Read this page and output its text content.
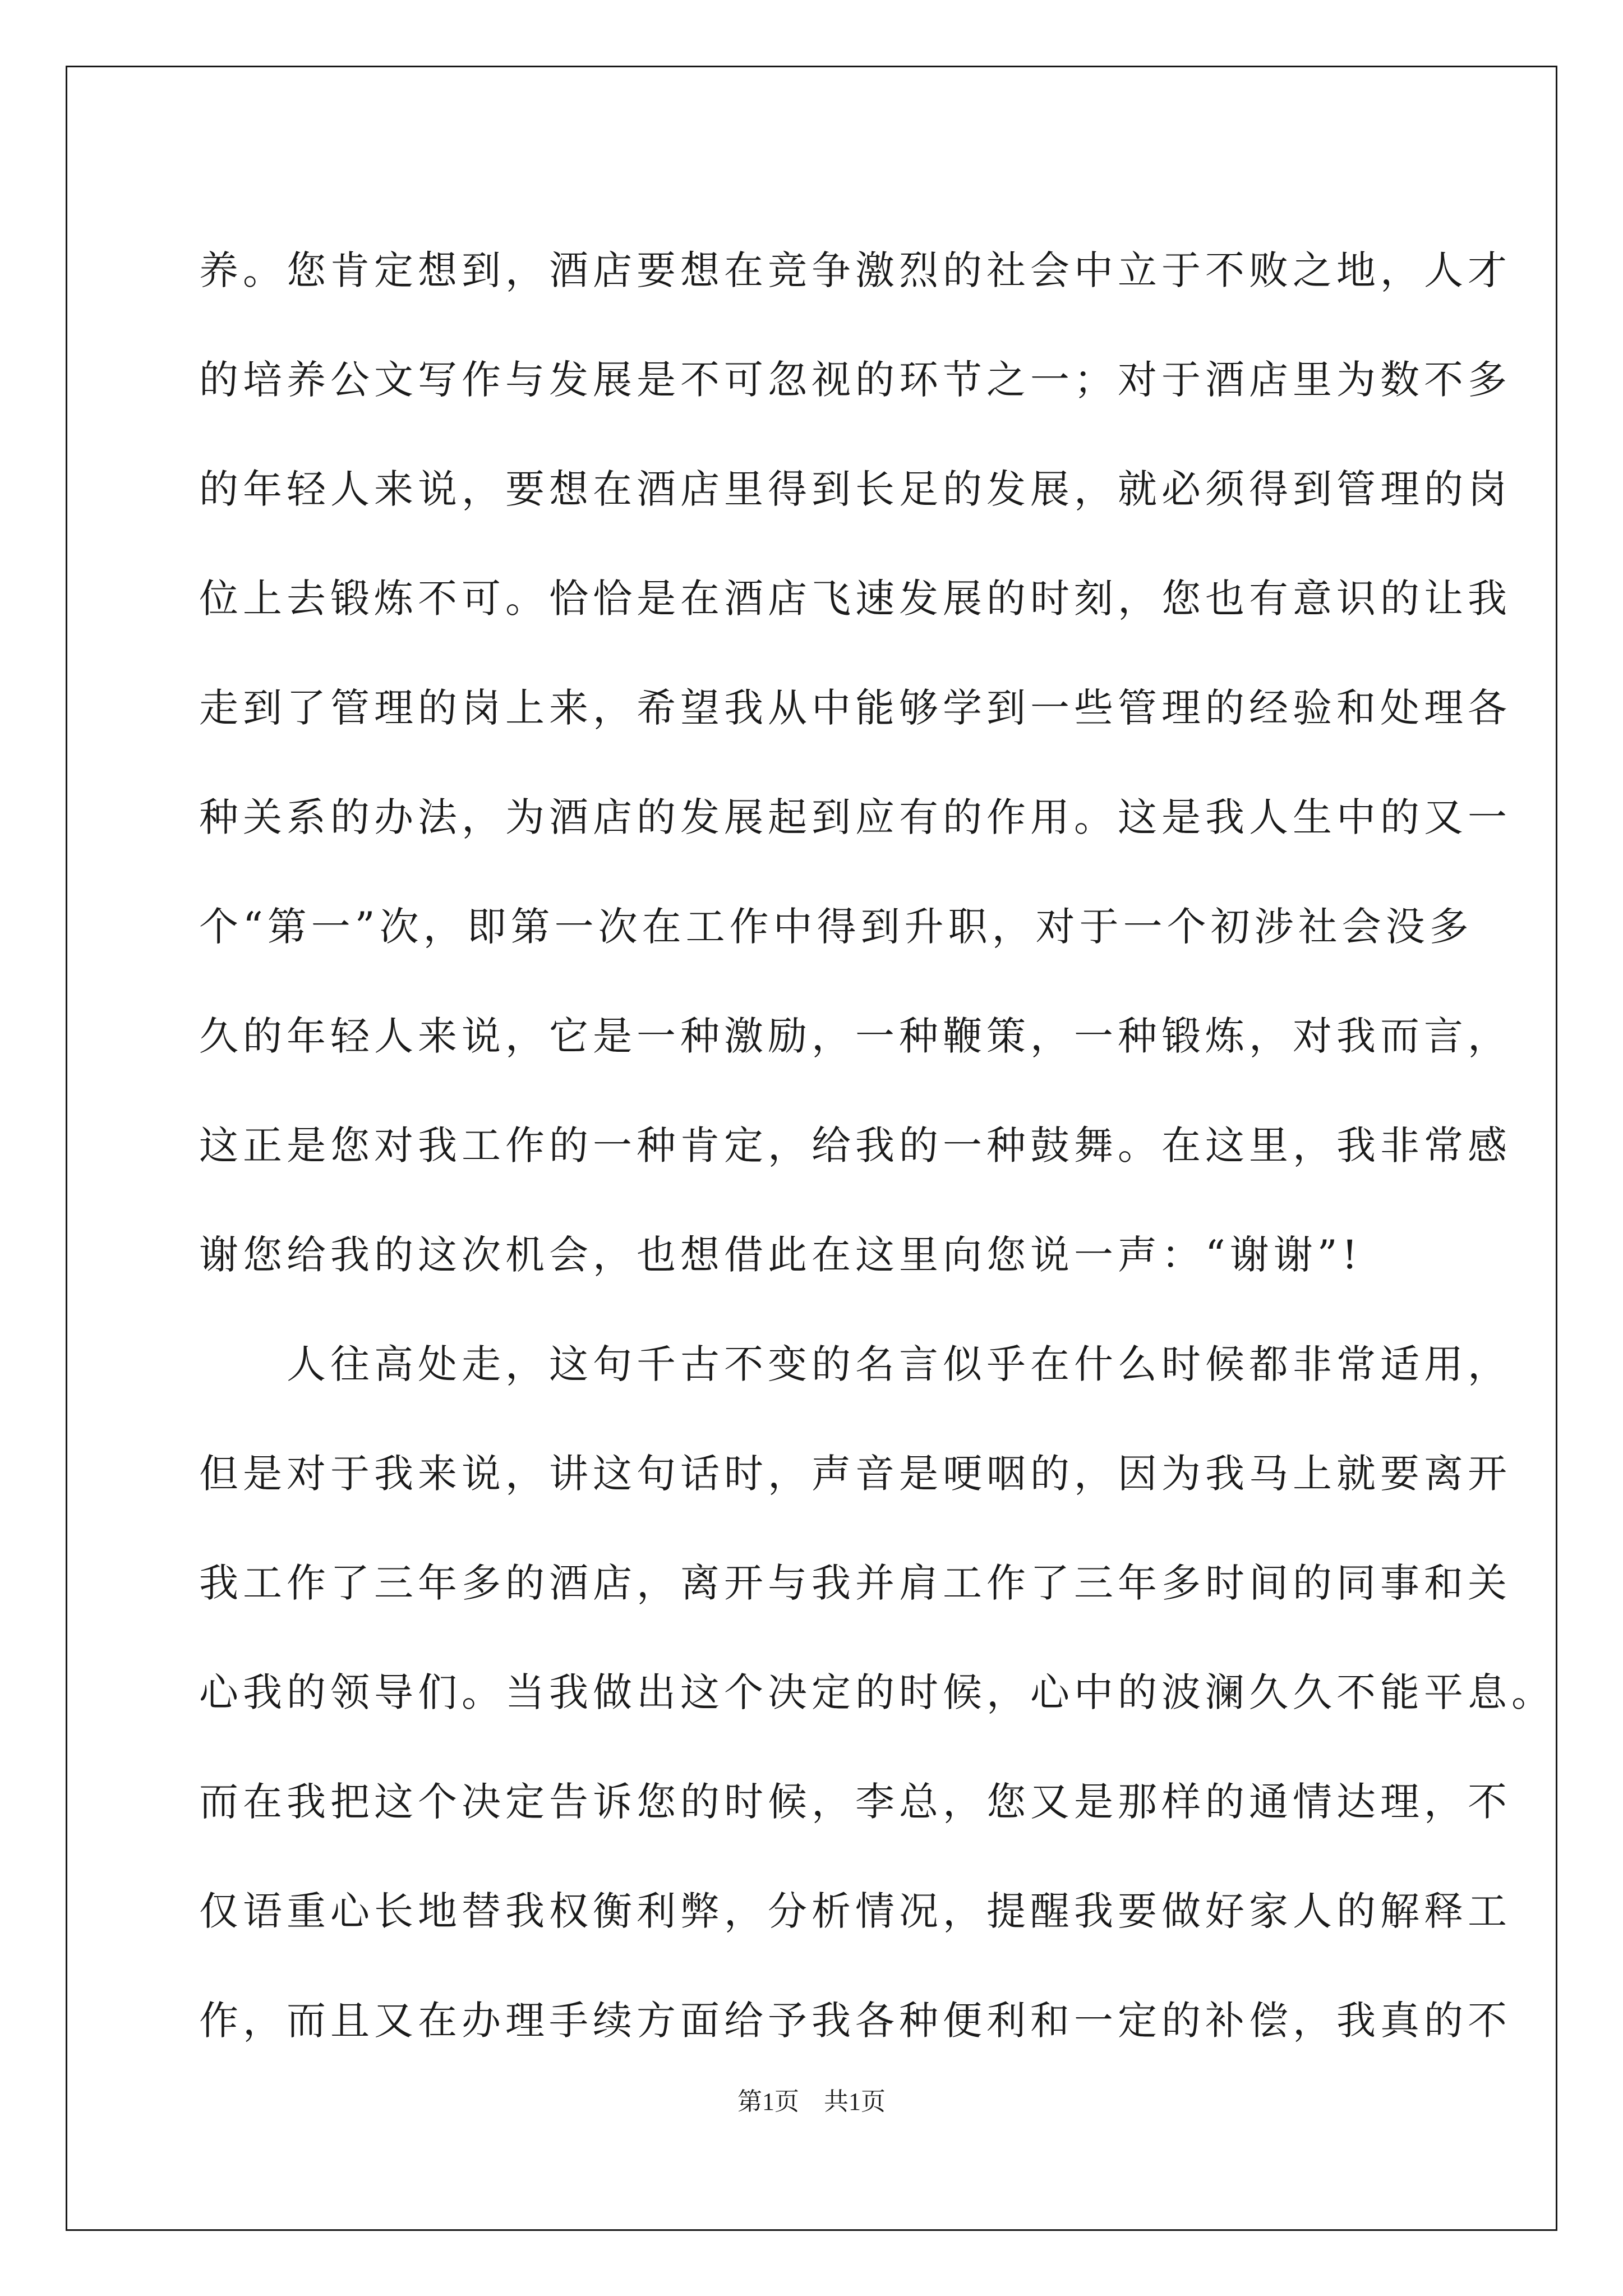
养。您肯定想到，酒店要想在竞争激烈的社会中立于不败之地，人才
的培养公文写作与发展是不可忽视的环节之一；对于酒店里为数不多
的年轻人来说，要想在酒店里得到长足的发展，就必须得到管理的岗
位上去锻炼不可。恰恰是在酒店飞速发展的时刻，您也有意识的让我
走到了管理的岗上来，希望我从中能够学到一些管理的经验和处理各
种关系的办法，为酒店的发展起到应有的作用。这是我人生中的又一
个“第一”次，即第一次在工作中得到升职，对于一个初涉社会没多
久的年轻人来说，它是一种激励，一种鞭策，一种锻炼，对我而言，
这正是您对我工作的一种肯定，给我的一种鼓舞。在这里，我非常感
谢您给我的这次机会，也想借此在这里向您说一声：“谢谢”!
　　人往高处走，这句千古不变的名言似乎在什么时候都非常适用，
但是对于我来说，讲这句话时，声音是哽咽的，因为我马上就要离开
我工作了三年多的酒店，离开与我并肩工作了三年多时间的同事和关
心我的领导们。当我做出这个决定的时候，心中的波澜久久不能平息。
而在我把这个决定告诉您的时候，李总，您又是那样的通情达理，不
仅语重心长地替我权衡利弊，分析情况，提醒我要做好家人的解释工
作，而且又在办理手续方面给予我各种便利和一定的补偿，我真的不
第1页　共1页
